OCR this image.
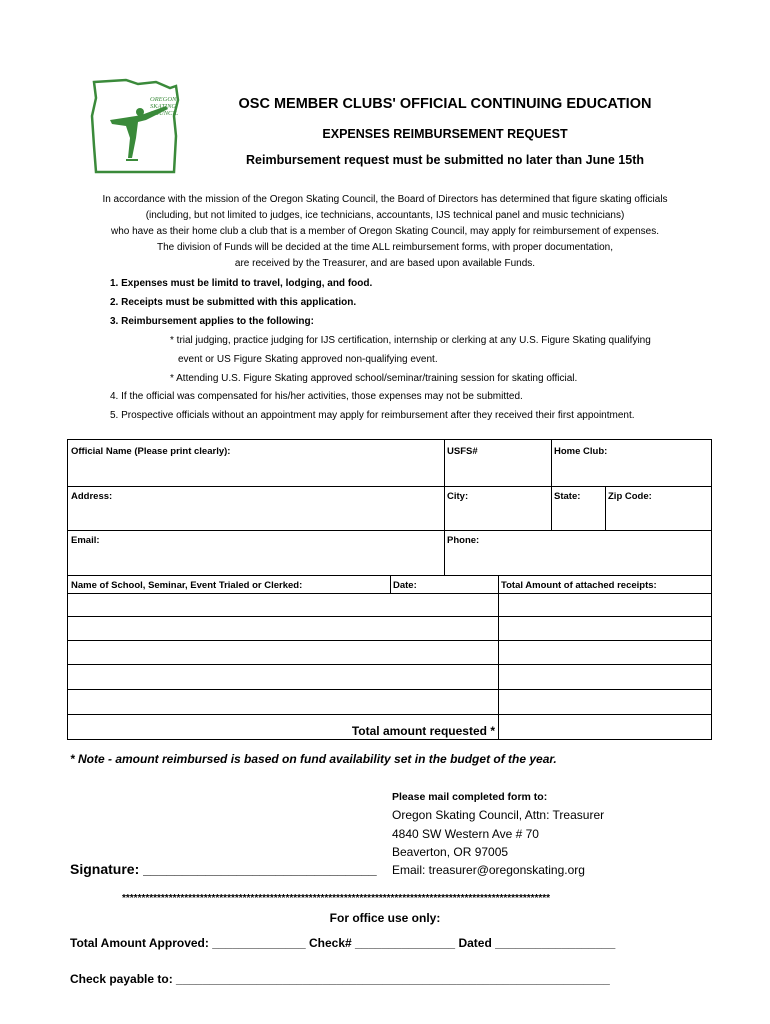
OREGON
SKATING
COUNCIL
OSC MEMBER CLUBS' OFFICIAL CONTINUING EDUCATION
EXPENSES REIMBURSEMENT REQUEST
Reimbursement request must be submitted no later than June 15th
In accordance with the mission of the Oregon Skating Council, the Board of Directors has determined that figure skating officials
(including, but not limited to judges, ice technicians, accountants, IJS technical panel and music technicians)
who have as their home club a club that is a member of Oregon Skating Council, may apply for reimbursement of expenses.
The division of Funds will be decided at the time ALL reimbursement forms, with proper documentation,
are received by the Treasurer, and are based upon available Funds.
1. Expenses must be limitd to travel, lodging, and food.
2. Receipts must be submitted with this application.
3. Reimbursement applies to the following:
* trial judging, practice judging for IJS certification, internship or clerking at any U.S. Figure Skating qualifying
event or US Figure Skating approved non-qualifying event.
* Attending U.S. Figure Skating approved school/seminar/training session for skating official.
4. If the official was compensated for his/her activities, those expenses may not be submitted.
5. Prospective officials without an appointment may apply for reimbursement after they received their first appointment.
Official Name (Please print clearly):	USFS#	Home Club:
Address:	City:	State:	Zip Code:
Email:	Phone:
Name of School, Seminar, Event Trialed or Clerked:	Date:	Total Amount of attached receipts:
Total amount requested *
* Note - amount reimbursed is based on fund availability set in the budget of the year.
Please mail completed form to:
Oregon Skating Council, Attn: Treasurer
4840 SW Western Ave # 70
Beaverton, OR 97005
Email: treasurer@oregonskating.org
Signature: ______________________________
**************************************************************************************************************
For office use only:
Total Amount Approved: ______________ Check# _______________ Dated __________________
Check payable to: _________________________________________________________________
